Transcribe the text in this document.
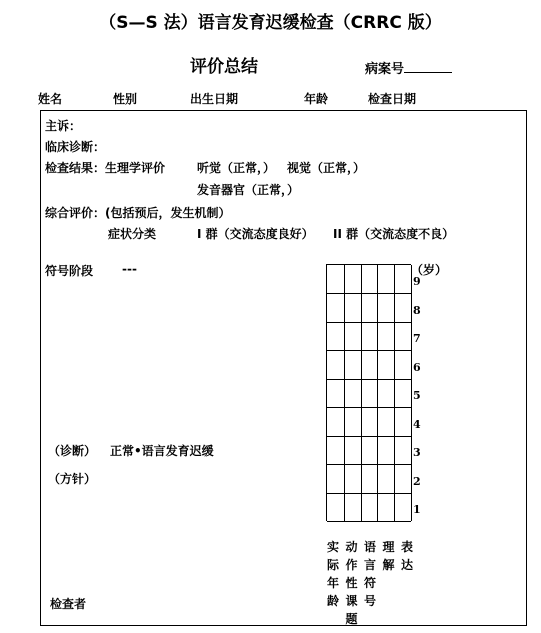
（S—S 法）语言发育迟缓检查（CRRC 版）
评价总结	病案号
姓名	性别	出生日期	年龄	检查日期
主诉：
临床诊断：
检查结果：生理学评价	听觉（正常，） 视觉（正常，）
发音器官（正常，）
综合评价：(包括预后，发生机制）
症状分类	I 群（交流态度良好） II 群（交流态度不良）
符号阶段 ---
（诊断） 正常•语言发育迟缓
（方针）
检查者
（岁）
9
8
7
6
5
4
3
2
1
实
际
年
龄
动
作
性
课
题
语
言
符
号
理
解
表
达
